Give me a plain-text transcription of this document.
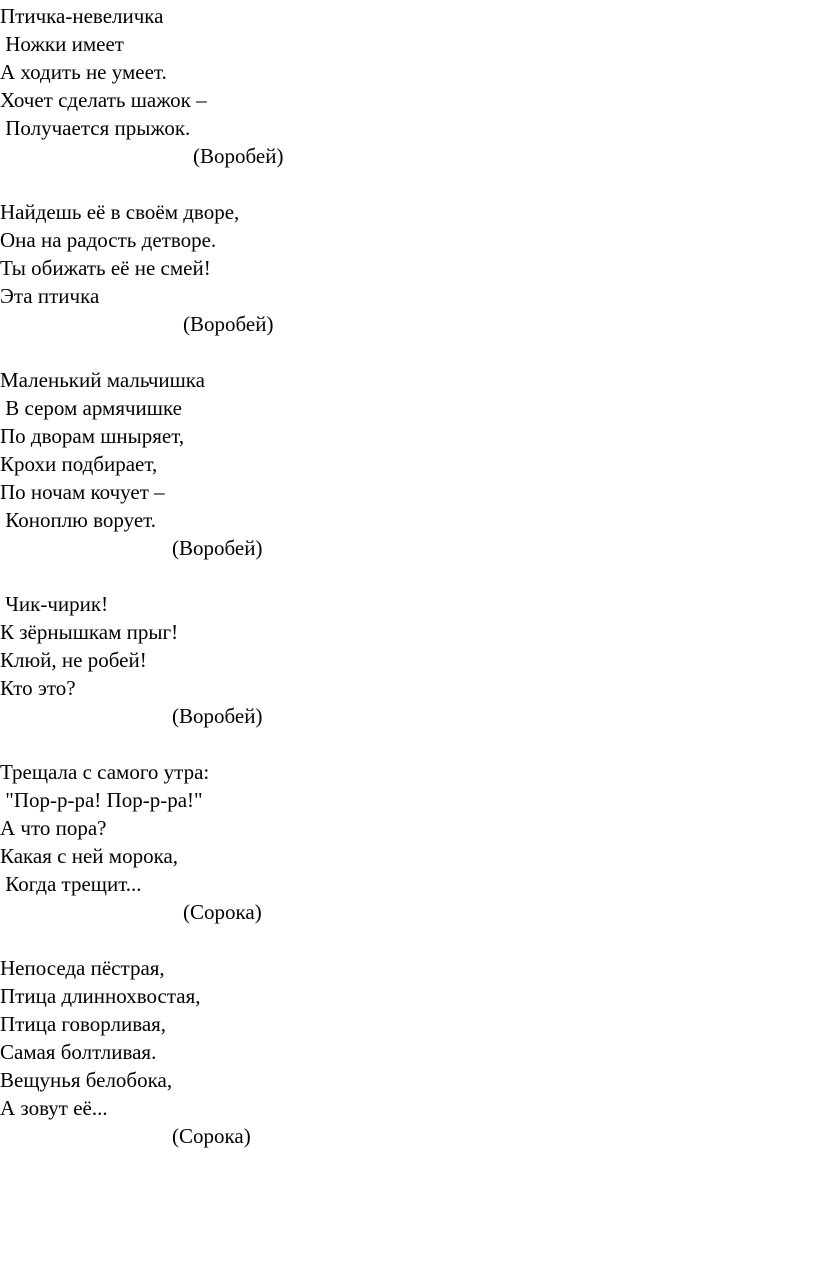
Птичка-невеличка
Ножки имеет
А ходить не умеет.
Хочет сделать шажок –
Получается прыжок.
(Воробей)
Найдешь её в своём дворе,
Она на радость детворе.
Ты обижать её не смей!
Эта птичка
(Воробей)
Маленький мальчишка
В сером армячишке
По дворам шныряет,
Крохи подбирает,
По ночам кочует –
Коноплю ворует.
(Воробей)
Чик-чирик!
К зёрнышкам прыг!
Клюй, не робей!
Кто это?
(Воробей)
Трещала с самого утра:
"Пор-р-ра! Пор-р-ра!"
А что пора?
Какая с ней морока,
Когда трещит...
(Сорока)
Непоседа пёстрая,
Птица длиннохвостая,
Птица говорливая,
Самая болтливая.
Вещунья белобока,
А зовут её...
(Сорока)
